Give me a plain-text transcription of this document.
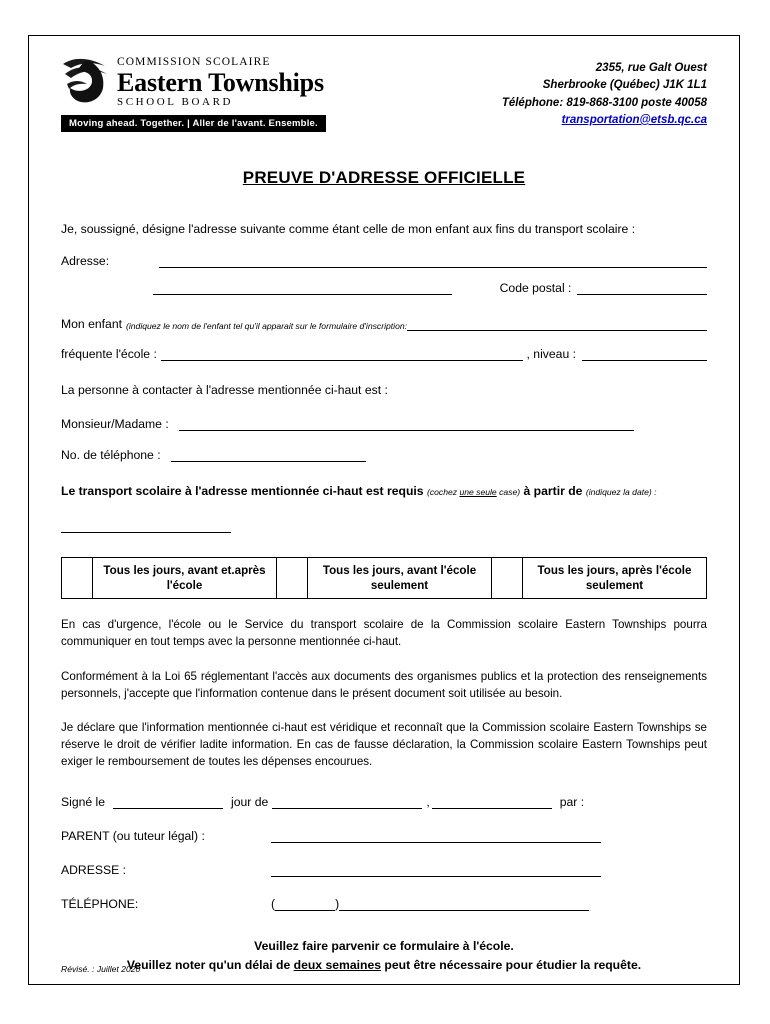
COMMISSION SCOLAIRE
Eastern Townships
SCHOOL BOARD
Moving ahead. Together. | Aller de l'avant. Ensemble.
2355, rue Galt Ouest
Sherbrooke (Québec) J1K 1L1
Téléphone: 819-868-3100 poste 40058
transportation@etsb.qc.ca
PREUVE D'ADRESSE OFFICIELLE
Je, soussigné, désigne l'adresse suivante comme étant celle de mon enfant aux fins du transport scolaire :
Adresse:
Code postal :
Mon enfant (indiquez le nom de l'enfant tel qu'il apparait sur le formulaire d'inscription:
fréquente l'école :	, niveau :
La personne à contacter à l'adresse mentionnée ci-haut est :
Monsieur/Madame :
No. de téléphone :
Le transport scolaire à l'adresse mentionnée ci-haut est requis (cochez une seule case) à partir de (indiquez la date) :
	Tous les jours, avant et.après l'école		Tous les jours, avant l'école seulement		Tous les jours, après l'école seulement
En cas d'urgence, l'école ou le Service du transport scolaire de la Commission scolaire Eastern Townships pourra communiquer en tout temps avec la personne mentionnée ci-haut.
Conformément à la Loi 65 réglementant l'accès aux documents des organismes publics et la protection des renseignements personnels, j'accepte que l'information contenue dans le présent document soit utilisée au besoin.
Je déclare que l'information mentionnée ci-haut est véridique et reconnaît que la Commission scolaire Eastern Townships se réserve le droit de vérifier ladite information. En cas de fausse déclaration, la Commission scolaire Eastern Townships peut exiger le remboursement de toutes les dépenses encourues.
Signé le	jour de	,	par :
PARENT (ou tuteur légal) :
ADRESSE :
TÉLÉPHONE:	(	)
Veuillez faire parvenir ce formulaire à l'école.
Veuillez noter qu'un délai de deux semaines peut être nécessaire pour étudier la requête.
Révisé. : Juillet 2020
